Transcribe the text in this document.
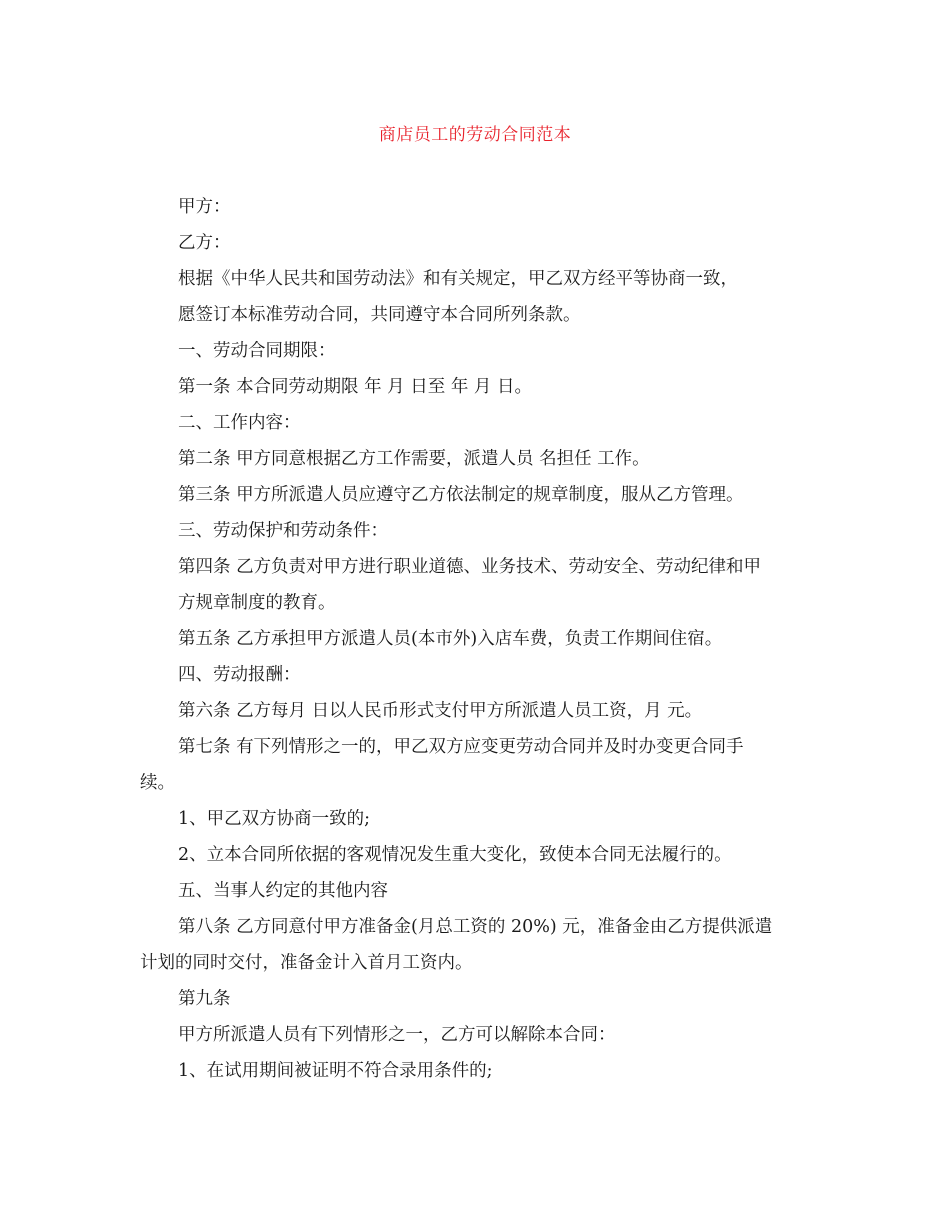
商店员工的劳动合同范本
甲方：
乙方：
根据《中华人民共和国劳动法》和有关规定，甲乙双方经平等协商一致，
愿签订本标准劳动合同，共同遵守本合同所列条款。
一、劳动合同期限：
第一条 本合同劳动期限 年 月 日至 年 月 日。
二、工作内容：
第二条 甲方同意根据乙方工作需要，派遣人员 名担任 工作。
第三条 甲方所派遣人员应遵守乙方依法制定的规章制度，服从乙方管理。
三、劳动保护和劳动条件：
第四条 乙方负责对甲方进行职业道德、业务技术、劳动安全、劳动纪律和甲
方规章制度的教育。
第五条 乙方承担甲方派遣人员(本市外)入店车费，负责工作期间住宿。
四、劳动报酬：
第六条 乙方每月 日以人民币形式支付甲方所派遣人员工资，月 元。
第七条 有下列情形之一的，甲乙双方应变更劳动合同并及时办变更合同手
续。
1、甲乙双方协商一致的;
2、立本合同所依据的客观情况发生重大变化，致使本合同无法履行的。
五、当事人约定的其他内容
第八条 乙方同意付甲方准备金(月总工资的 20%) 元，准备金由乙方提供派遣
计划的同时交付，准备金计入首月工资内。
第九条
甲方所派遣人员有下列情形之一，乙方可以解除本合同：
1、在试用期间被证明不符合录用条件的;
